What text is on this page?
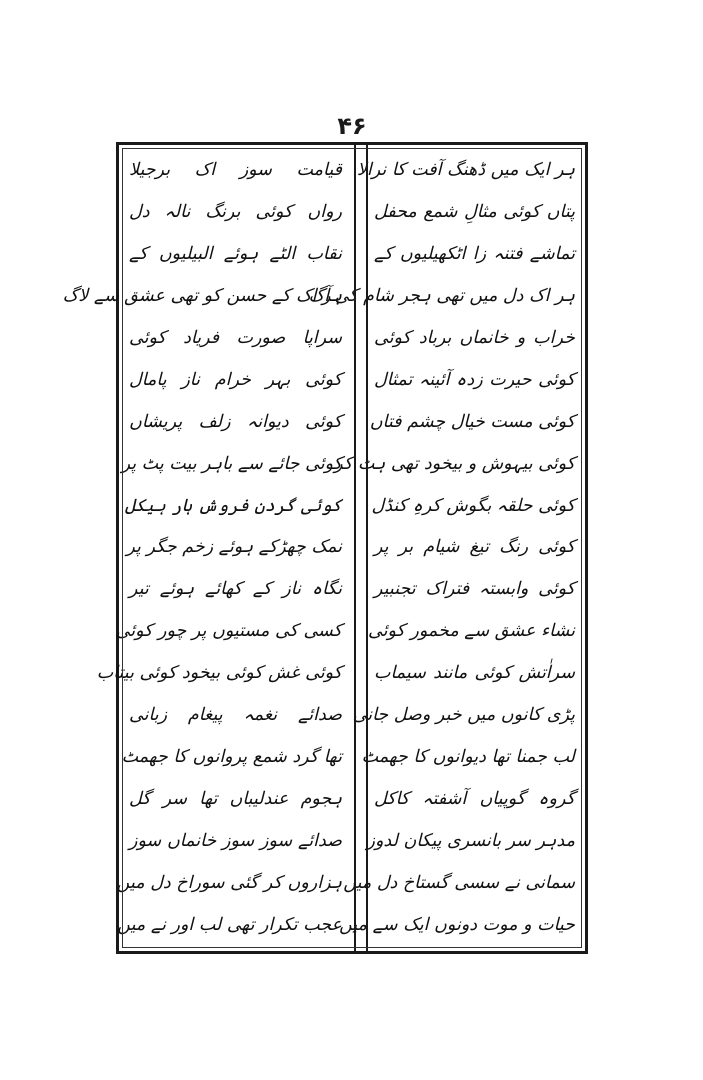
۴۶
ہر ایک میں ڈھنگ آفت کا نرالا
پتاں کوئی مثالِ شمع محفل
تماشے فتنہ زا اٹکھیلیوں کے
ہر اک دل میں تھی ہجر شام کی آگ
خراب و خانماں برباد کوئی
کوئی حیرت زدہ آئینہ تمثال
کوئی مست خیال چشم فتاں
کوئی بیہوش و بیخود تھی ہٹ کر
کوئی حلقہ بگوش کرہِ کنڈل
کوئی رنگ تیغ شیام بر پر
کوئی وابستہ فتراک تجنبیر
نشاء عشق سے مخمور کوئی
سراٰتش کوئی مانند سیماب
پڑی کانوں میں خبر وصل جانی
لب جمنا تھا دیوانوں کا جھمٹ
گروہ گوپیاں آشفتہ کاکل
مدہر سر بانسری پیکان لدوز
سمانی نے سسی گستاخ دل میں
حیات و موت دونوں ایک سے میں
قیامت سوز اک برجیلا
رواں کوئی برنگ نالہ دل
نقاب الٹے ہوئے البیلیوں کے
ہر اک کے حسن کو تھی عشق سے لاگ
سراپا صورت فریاد کوئی
کوئی بہر خرام ناز پامال
کوئی دیوانہ زلف پریشاں
کوئی جائے سے باہر بیت پٹ پر
کوئی گردن فروش ہار ہیکل
نمک چھڑکے ہوئے زخم جگر پر
نگاہ ناز کے کھائے ہوئے تیر
کسی کی مستیوں پر چور کوئی
کوئی غش کوئی بیخود کوئی بیتاب
صدائے نغمہ پیغام زبانی
تھا گرد شمع پروانوں کا جھمٹ
ہجوم عندلیباں تھا سر گل
صدائے سوز سوز خانماں سوز
ہزاروں کر گئی سوراخ دل میں
عجب تکرار تھی لب اور نے میں
